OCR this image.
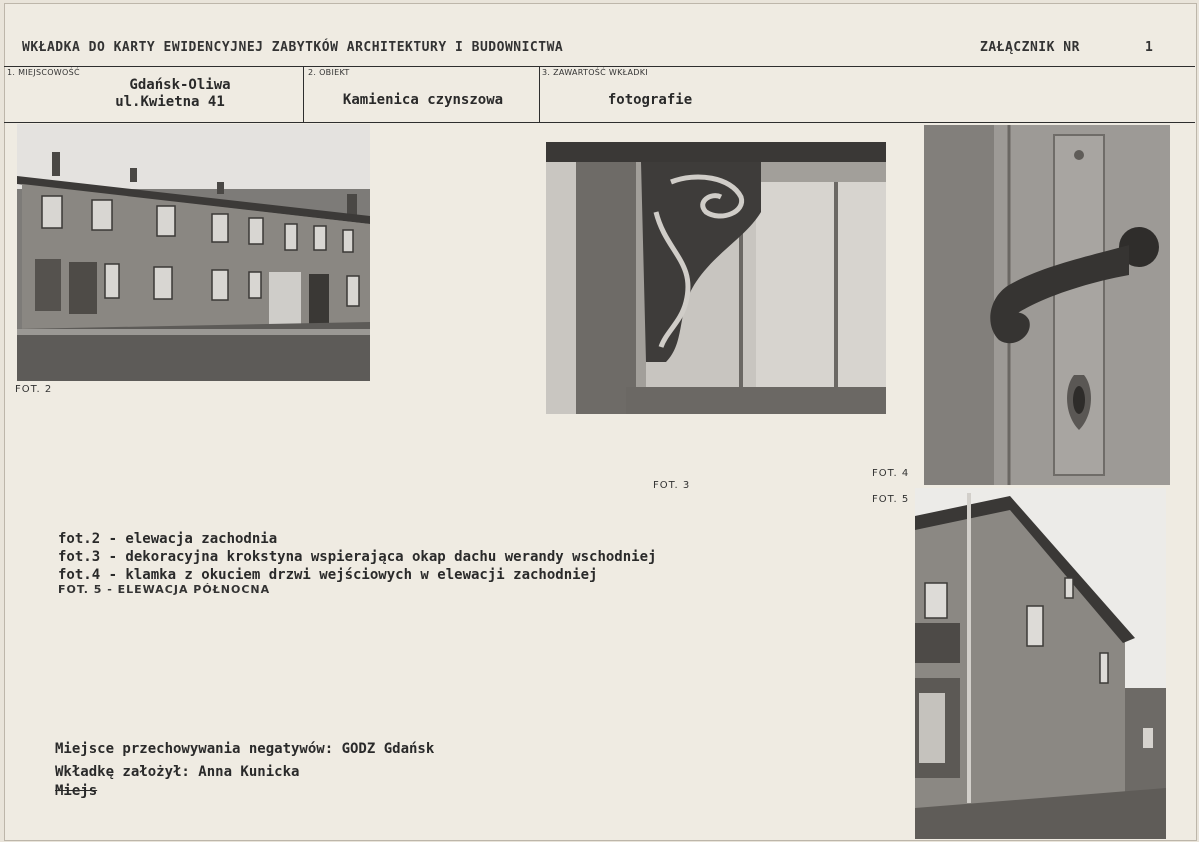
WKŁADKA DO KARTY EWIDENCYJNEJ ZABYTKÓW ARCHITEKTURY I BUDOWNICTWA	ZAŁĄCZNIK NR	1
1. MIEJSCOWOŚĆ
Gdańsk-Oliwa
ul.Kwietna 41
2. OBIEKT
Kamienica czynszowa
3. ZAWARTOŚĆ WKŁADKI
fotografie
FOT. 2
FOT. 3
FOT. 4
FOT. 5
fot.2 - elewacja zachodnia
fot.3 - dekoracyjna krokstyna wspierająca okap dachu werandy wschodniej
fot.4 - klamka z okuciem drzwi wejściowych w elewacji zachodniej
FOT. 5 - ELEWACJA PÓŁNOCNA
Miejsce przechowywania negatywów: GODZ Gdańsk
Wkładkę założył: Anna Kunicka
Miejs
